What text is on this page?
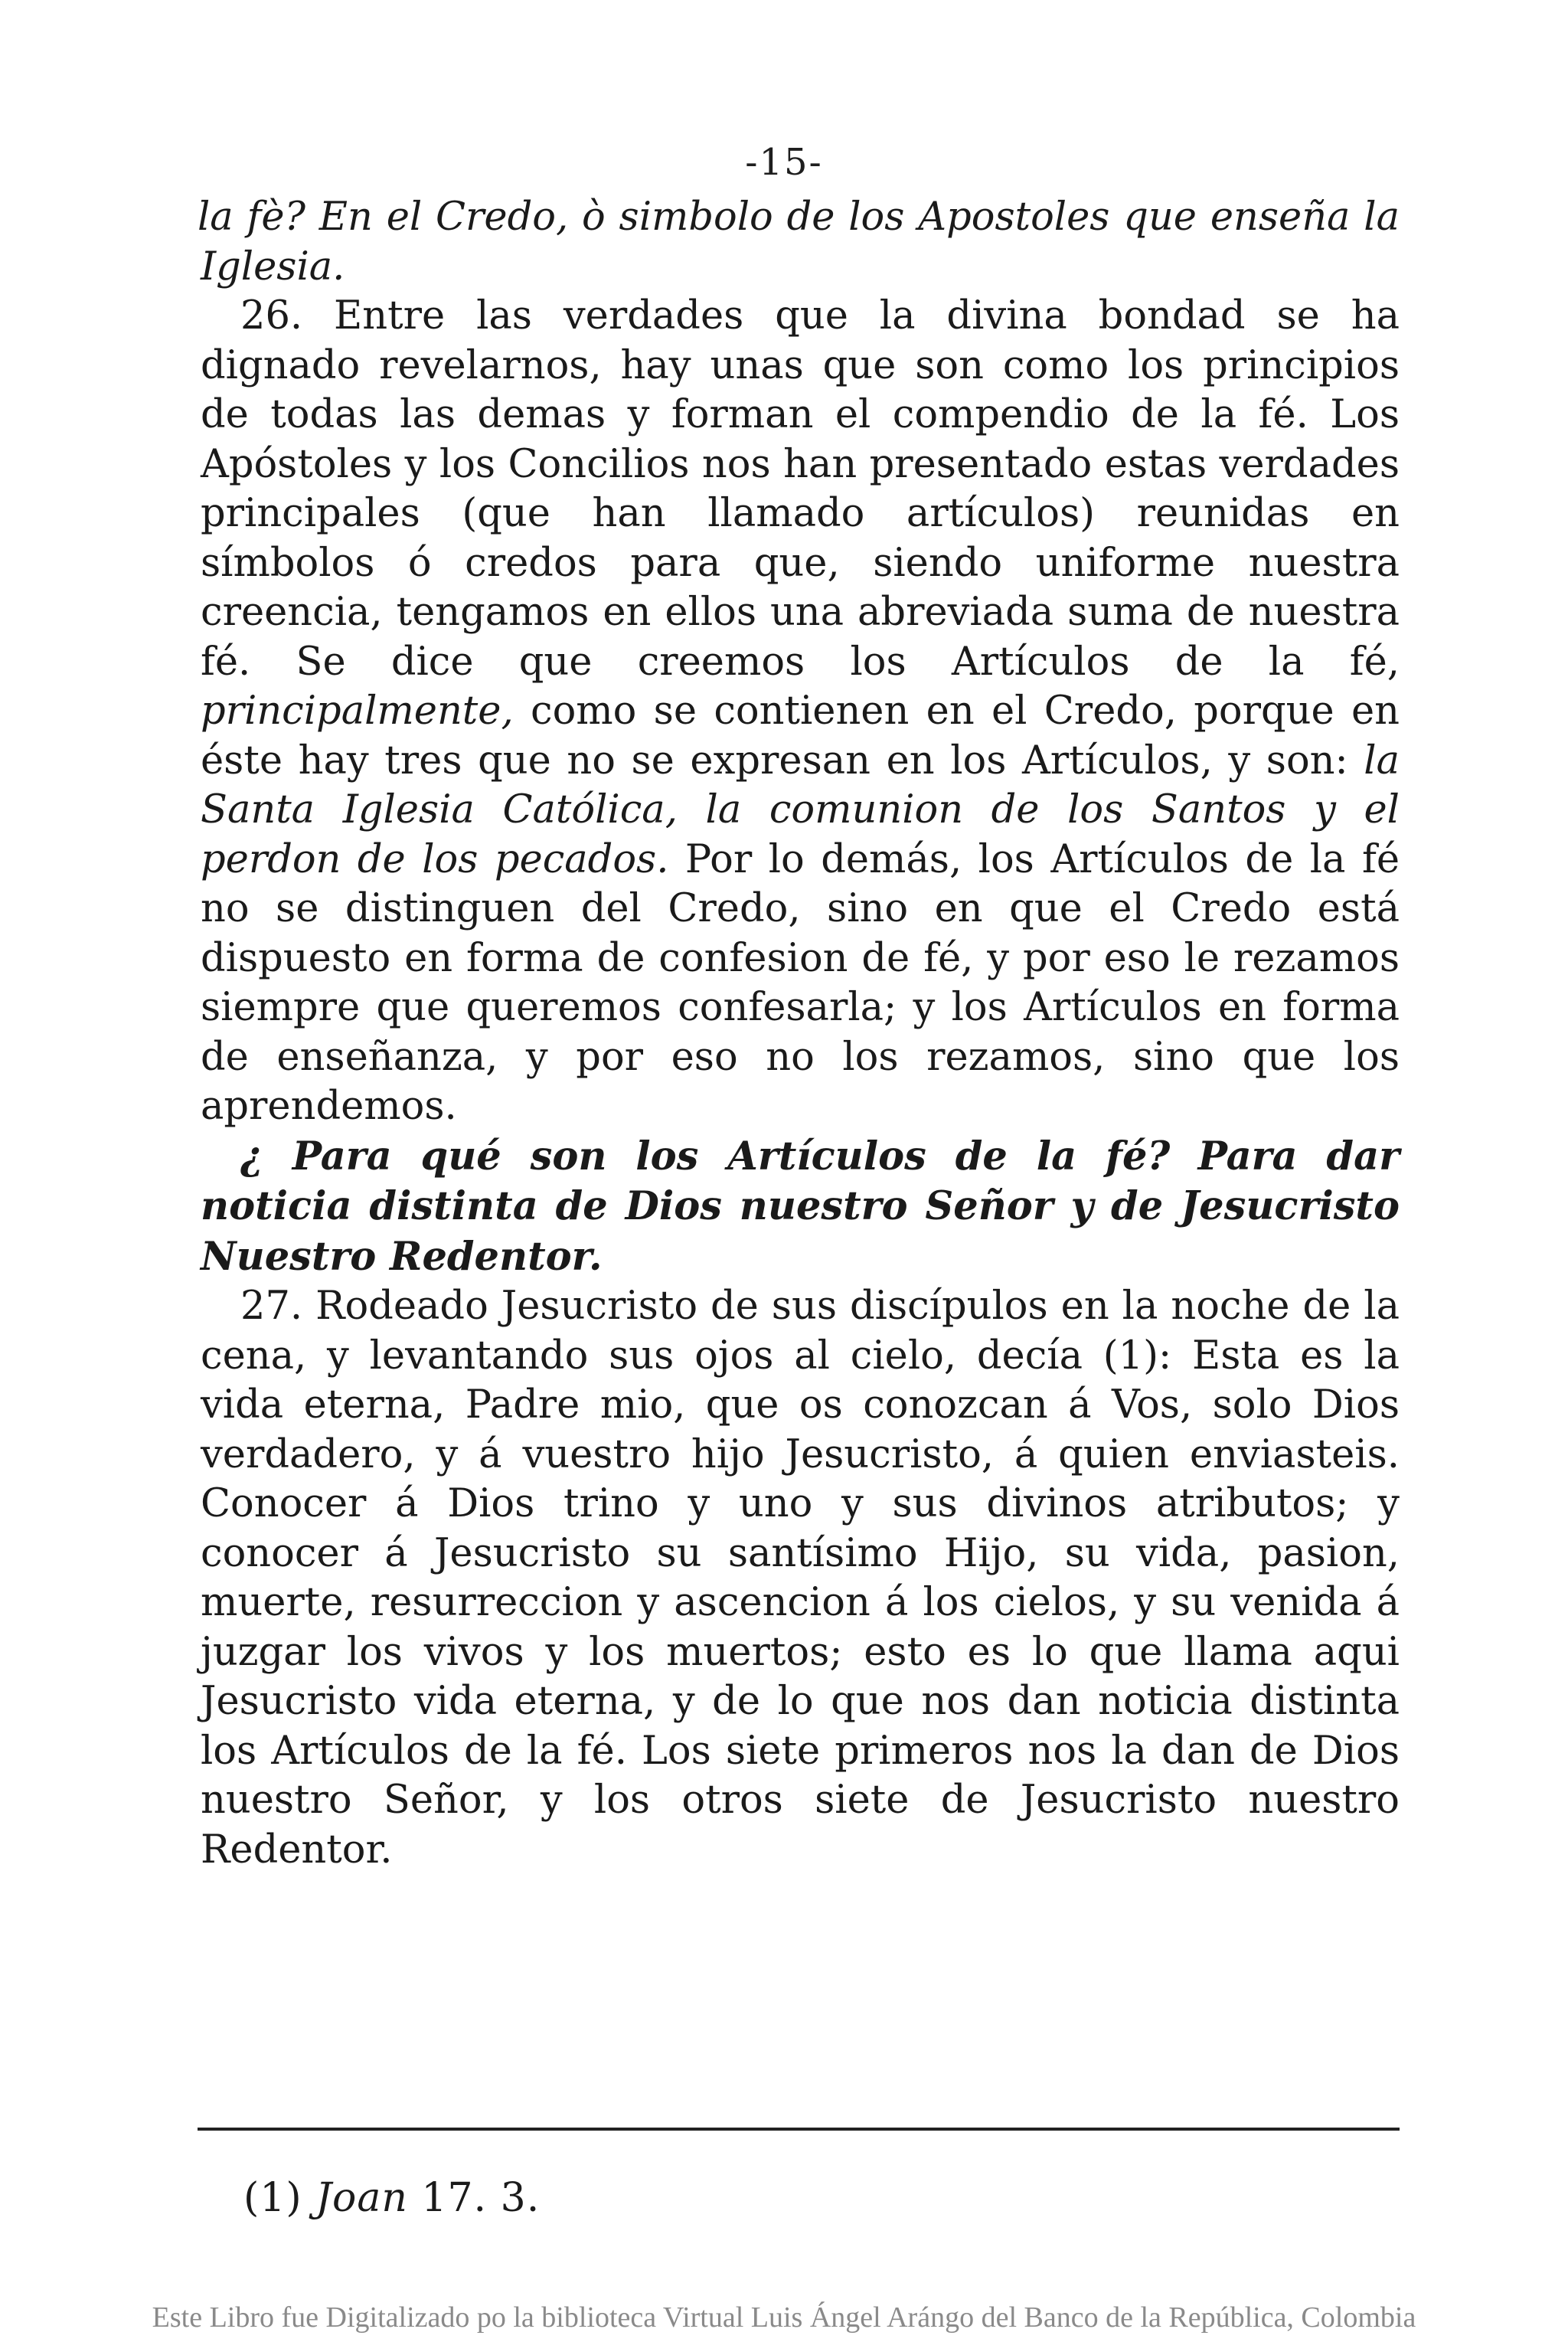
-15-

la fè? En el Credo, ò simbolo de los Apostoles que enseña la Iglesia.

26. Entre las verdades que la divina bondad se ha dignado revelarnos, hay unas que son como los principios de todas las demas y forman el compendio de la fé. Los Apóstoles y los Concilios nos han presentado estas verdades principales (que han llamado artículos) reunidas en símbolos ó credos para que, siendo uniforme nuestra creencia, tengamos en ellos una abreviada suma de nuestra fé. Se dice que creemos los Artículos de la fé, principalmente, como se contienen en el Credo, porque en éste hay tres que no se expresan en los Artículos, y son: la Santa Iglesia Católica, la comunion de los Santos y el perdon de los pecados. Por lo demás, los Artículos de la fé no se distinguen del Credo, sino en que el Credo está dispuesto en forma de confesion de fé, y por eso le rezamos siempre que queremos confesarla; y los Artículos en forma de enseñanza, y por eso no los rezamos, sino que los aprendemos.

¿ Para qué son los Artículos de la fé? Para dar noticia distinta de Dios nuestro Señor y de Jesucristo Nuestro Redentor.

27. Rodeado Jesucristo de sus discípulos en la noche de la cena, y levantando sus ojos al cielo, decía (1): Esta es la vida eterna, Padre mio, que os conozcan á Vos, solo Dios verdadero, y á vuestro hijo Jesucristo, á quien enviasteis. Conocer á Dios trino y uno y sus divinos atributos; y conocer á Jesucristo su santísimo Hijo, su vida, pasion, muerte, resurreccion y ascencion á los cielos, y su venida á juzgar los vivos y los muertos; esto es lo que llama aqui Jesucristo vida eterna, y de lo que nos dan noticia distinta los Artículos de la fé. Los siete primeros nos la dan de Dios nuestro Señor, y los otros siete de Jesucristo nuestro Redentor.

(1) Joan 17. 3.
Este Libro fue Digitalizado po la biblioteca Virtual Luis Ángel Arángo del Banco de la República, Colombia
